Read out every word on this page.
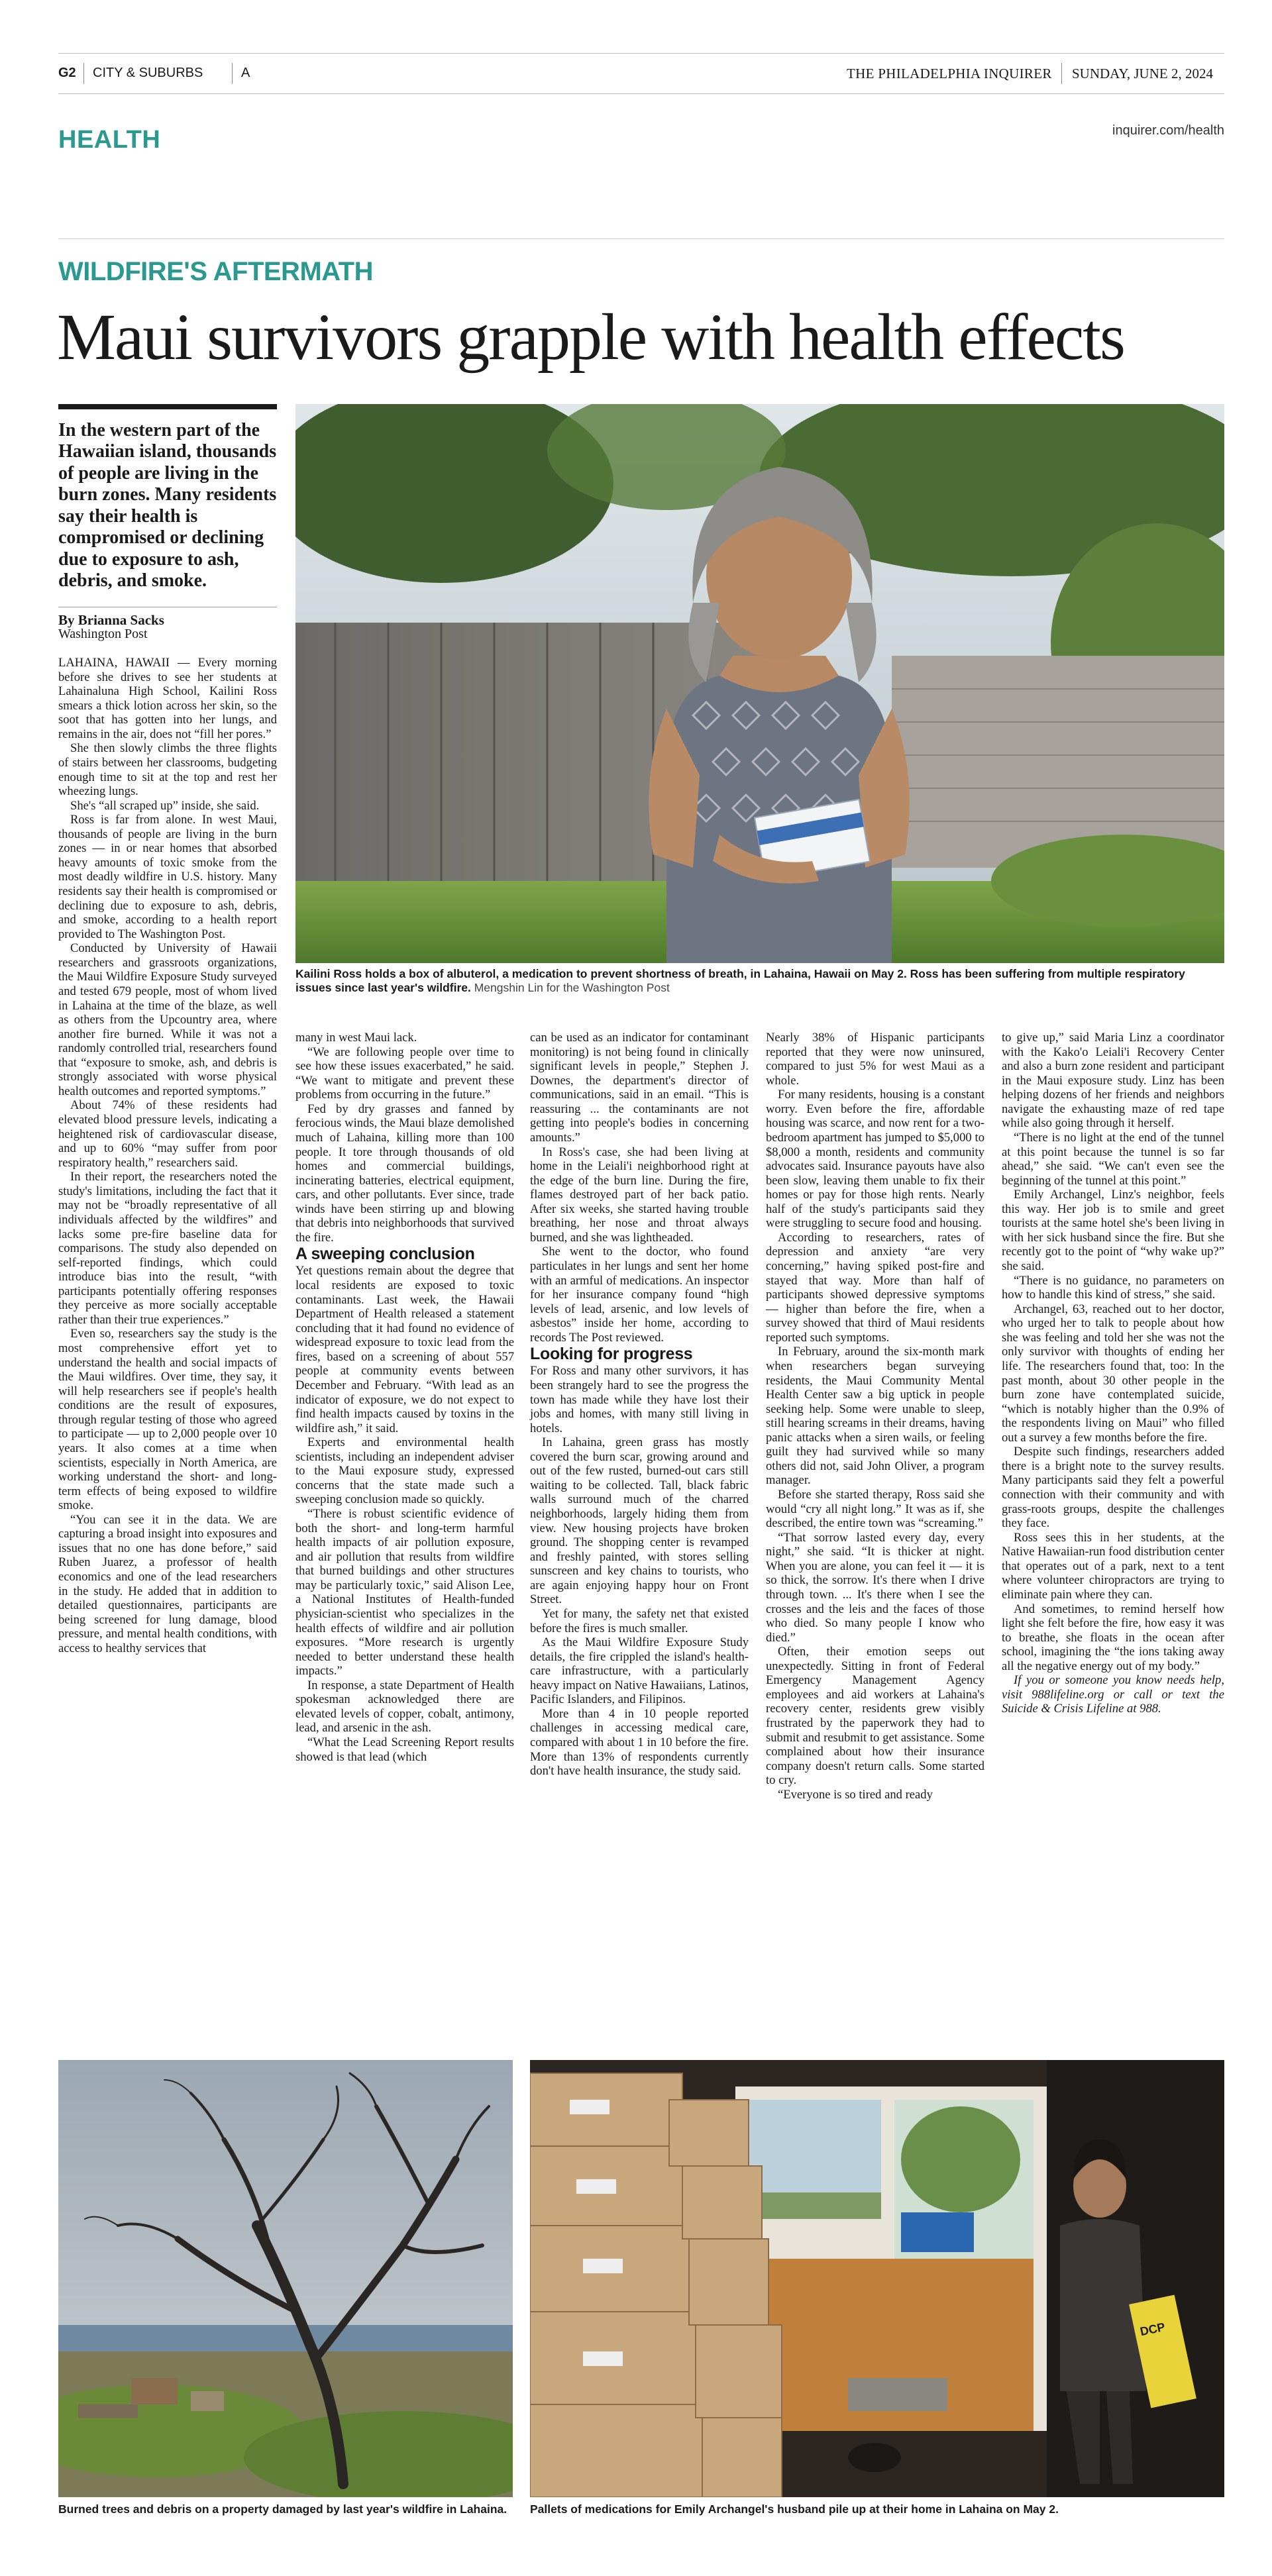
G2 CITY & SUBURBS	A	THE PHILADELPHIA INQUIRER SUNDAY, JUNE 2, 2024
HEALTH	inquirer.com/health
WILDFIRE'S AFTERMATH
Maui survivors grapple with health effects
In the western part of the Hawaiian island, thousands of people are living in the burn zones. Many residents say their health is compromised or declining due to exposure to ash, debris, and smoke.
By Brianna Sacks
Washington Post
Kailini Ross holds a box of albuterol, a medication to prevent shortness of breath, in Lahaina, Hawaii on May 2. Ross has been suffering from multiple respiratory issues since last year's wildfire. Mengshin Lin for the Washington Post

LAHAINA, HAWAII — Every morning before she drives to see her students at Lahainaluna High School, Kailini Ross smears a thick lotion across her skin, so the soot that has gotten into her lungs, and remains in the air, does not “fill her pores.”

She then slowly climbs the three flights of stairs between her classrooms, budgeting enough time to sit at the top and rest her wheezing lungs.

She's “all scraped up” inside, she said.

Ross is far from alone. In west Maui, thousands of people are living in the burn zones — in or near homes that absorbed heavy amounts of toxic smoke from the most deadly wildfire in U.S. history. Many residents say their health is compromised or declining due to exposure to ash, debris, and smoke, according to a health report provided to The Washington Post.

Conducted by University of Hawaii researchers and grassroots organizations, the Maui Wildfire Exposure Study surveyed and tested 679 people, most of whom lived in Lahaina at the time of the blaze, as well as others from the Upcountry area, where another fire burned. While it was not a randomly controlled trial, researchers found that “exposure to smoke, ash, and debris is strongly associated with worse physical health outcomes and reported symptoms.”

About 74% of these residents had elevated blood pressure levels, indicating a heightened risk of cardiovascular disease, and up to 60% “may suffer from poor respiratory health,” researchers said.

In their report, the researchers noted the study's limitations, including the fact that it may not be “broadly representative of all individuals affected by the wildfires” and lacks some pre-fire baseline data for comparisons. The study also depended on self-reported findings, which could introduce bias into the result, “with participants potentially offering responses they perceive as more socially acceptable rather than their true experiences.”

Even so, researchers say the study is the most comprehensive effort yet to understand the health and social impacts of the Maui wildfires. Over time, they say, it will help researchers see if people's health conditions are the result of exposures, through regular testing of those who agreed to participate — up to 2,000 people over 10 years. It also comes at a time when scientists, especially in North America, are working understand the short- and long-term effects of being exposed to wildfire smoke.

“You can see it in the data. We are capturing a broad insight into exposures and issues that no one has done before,” said Ruben Juarez, a professor of health economics and one of the lead researchers in the study. He added that in addition to detailed questionnaires, participants are being screened for lung damage, blood pressure, and mental health conditions, with access to healthy services that

many in west Maui lack.

“We are following people over time to see how these issues exacerbated,” he said. “We want to mitigate and prevent these problems from occurring in the future.”

Fed by dry grasses and fanned by ferocious winds, the Maui blaze demolished much of Lahaina, killing more than 100 people. It tore through thousands of old homes and commercial buildings, incinerating batteries, electrical equipment, cars, and other pollutants. Ever since, trade winds have been stirring up and blowing that debris into neighborhoods that survived the fire.

A sweeping conclusion

Yet questions remain about the degree that local residents are exposed to toxic contaminants. Last week, the Hawaii Department of Health released a statement concluding that it had found no evidence of widespread exposure to toxic lead from the fires, based on a screening of about 557 people at community events between December and February. “With lead as an indicator of exposure, we do not expect to find health impacts caused by toxins in the wildfire ash,” it said.

Experts and environmental health scientists, including an independent adviser to the Maui exposure study, expressed concerns that the state made such a sweeping conclusion made so quickly.

“There is robust scientific evidence of both the short- and long-term harmful health impacts of air pollution exposure, and air pollution that results from wildfire that burned buildings and other structures may be particularly toxic,” said Alison Lee, a National Institutes of Health-funded physician-scientist who specializes in the health effects of wildfire and air pollution exposures. “More research is urgently needed to better understand these health impacts.”

In response, a state Department of Health spokesman acknowledged there are elevated levels of copper, cobalt, antimony, lead, and arsenic in the ash.

“What the Lead Screening Report results showed is that lead (which

can be used as an indicator for contaminant monitoring) is not being found in clinically significant levels in people,” Stephen J. Downes, the department's director of communications, said in an email. “This is reassuring ... the contaminants are not getting into people's bodies in concerning amounts.”

In Ross's case, she had been living at home in the Leiali'i neighborhood right at the edge of the burn line. During the fire, flames destroyed part of her back patio. After six weeks, she started having trouble breathing, her nose and throat always burned, and she was lightheaded.

She went to the doctor, who found particulates in her lungs and sent her home with an armful of medications. An inspector for her insurance company found “high levels of lead, arsenic, and low levels of asbestos” inside her home, according to records The Post reviewed.

Looking for progress

For Ross and many other survivors, it has been strangely hard to see the progress the town has made while they have lost their jobs and homes, with many still living in hotels.

In Lahaina, green grass has mostly covered the burn scar, growing around and out of the few rusted, burned-out cars still waiting to be collected. Tall, black fabric walls surround much of the charred neighborhoods, largely hiding them from view. New housing projects have broken ground. The shopping center is revamped and freshly painted, with stores selling sunscreen and key chains to tourists, who are again enjoying happy hour on Front Street.

Yet for many, the safety net that existed before the fires is much smaller.

As the Maui Wildfire Exposure Study details, the fire crippled the island's health-care infrastructure, with a particularly heavy impact on Native Hawaiians, Latinos, Pacific Islanders, and Filipinos.

More than 4 in 10 people reported challenges in accessing medical care, compared with about 1 in 10 before the fire. More than 13% of respondents currently don't have health insurance, the study said.

Nearly 38% of Hispanic participants reported that they were now uninsured, compared to just 5% for west Maui as a whole.

For many residents, housing is a constant worry. Even before the fire, affordable housing was scarce, and now rent for a two-bedroom apartment has jumped to $5,000 to $8,000 a month, residents and community advocates said. Insurance payouts have also been slow, leaving them unable to fix their homes or pay for those high rents. Nearly half of the study's participants said they were struggling to secure food and housing.

According to researchers, rates of depression and anxiety “are very concerning,” having spiked post-fire and stayed that way. More than half of participants showed depressive symptoms — higher than before the fire, when a survey showed that third of Maui residents reported such symptoms.

In February, around the six-month mark when researchers began surveying residents, the Maui Community Mental Health Center saw a big uptick in people seeking help. Some were unable to sleep, still hearing screams in their dreams, having panic attacks when a siren wails, or feeling guilt they had survived while so many others did not, said John Oliver, a program manager.

Before she started therapy, Ross said she would “cry all night long.” It was as if, she described, the entire town was “screaming.”

“That sorrow lasted every day, every night,” she said. “It is thicker at night. When you are alone, you can feel it — it is so thick, the sorrow. It's there when I drive through town. ... It's there when I see the crosses and the leis and the faces of those who died. So many people I know who died.”

Often, their emotion seeps out unexpectedly. Sitting in front of Federal Emergency Management Agency employees and aid workers at Lahaina's recovery center, residents grew visibly frustrated by the paperwork they had to submit and resubmit to get assistance. Some complained about how their insurance company doesn't return calls. Some started to cry.

“Everyone is so tired and ready

to give up,” said Maria Linz a coordinator with the Kako'o Leiali'i Recovery Center and also a burn zone resident and participant in the Maui exposure study. Linz has been helping dozens of her friends and neighbors navigate the exhausting maze of red tape while also going through it herself.

“There is no light at the end of the tunnel at this point because the tunnel is so far ahead,” she said. “We can't even see the beginning of the tunnel at this point.”

Emily Archangel, Linz's neighbor, feels this way. Her job is to smile and greet tourists at the same hotel she's been living in with her sick husband since the fire. But she recently got to the point of “why wake up?” she said.

“There is no guidance, no parameters on how to handle this kind of stress,” she said.

Archangel, 63, reached out to her doctor, who urged her to talk to people about how she was feeling and told her she was not the only survivor with thoughts of ending her life. The researchers found that, too: In the past month, about 30 other people in the burn zone have contemplated suicide, “which is notably higher than the 0.9% of the respondents living on Maui” who filled out a survey a few months before the fire.

Despite such findings, researchers added there is a bright note to the survey results. Many participants said they felt a powerful connection with their community and with grass-roots groups, despite the challenges they face.

Ross sees this in her students, at the Native Hawaiian-run food distribution center that operates out of a park, next to a tent where volunteer chiropractors are trying to eliminate pain where they can.

And sometimes, to remind herself how light she felt before the fire, how easy it was to breathe, she floats in the ocean after school, imagining the “the ions taking away all the negative energy out of my body.”

If you or someone you know needs help, visit 988lifeline.org or call or text the Suicide & Crisis Lifeline at 988.

Burned trees and debris on a property damaged by last year's wildfire in Lahaina.
DCP
Pallets of medications for Emily Archangel's husband pile up at their home in Lahaina on May 2.
